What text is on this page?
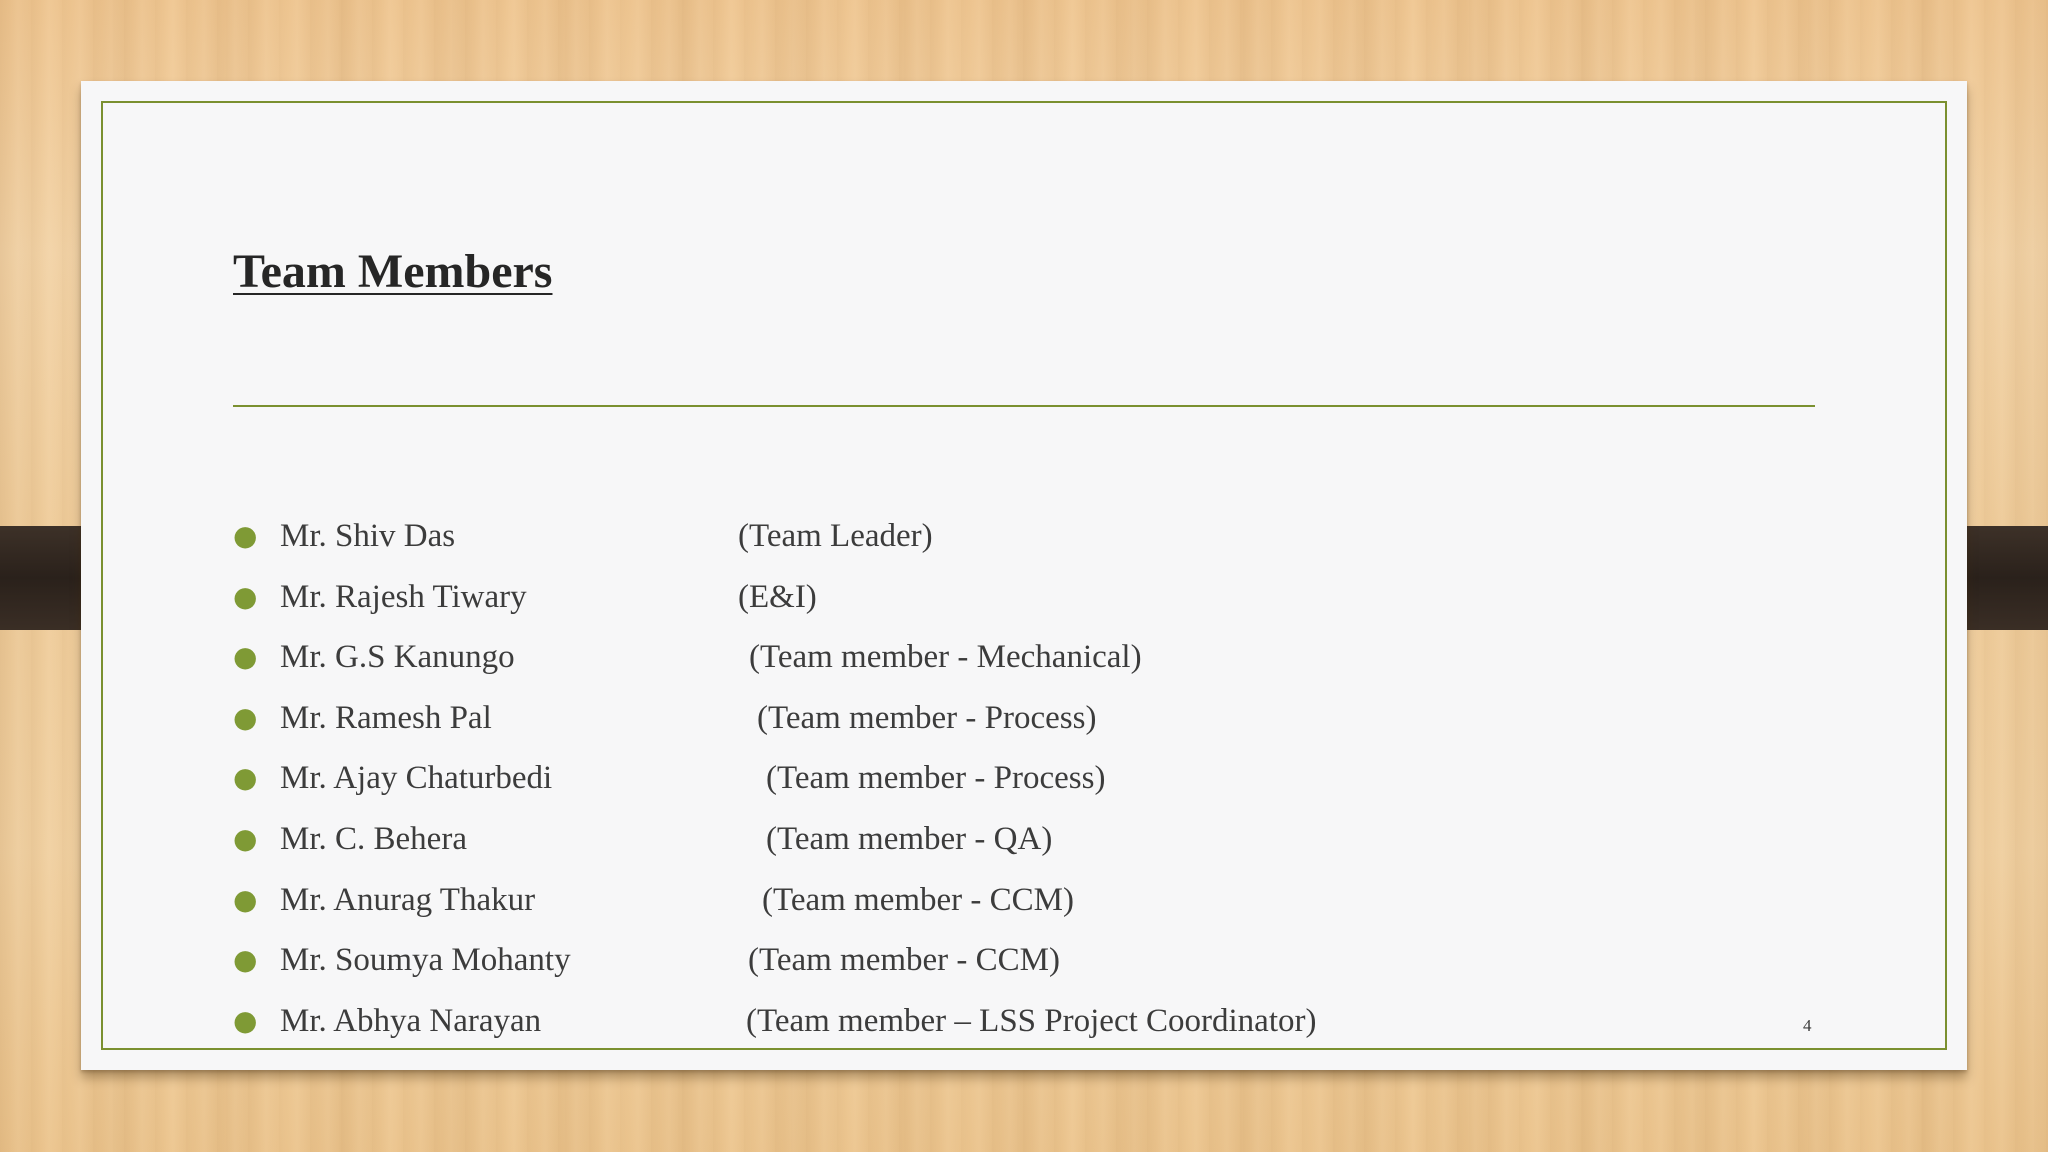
Team Members
● Mr. Shiv Das	(Team Leader)
● Mr. Rajesh Tiwary	(E&I)
● Mr. G.S Kanungo	(Team member - Mechanical)
● Mr. Ramesh Pal	(Team member - Process)
● Mr. Ajay Chaturbedi	(Team member - Process)
● Mr. C. Behera	(Team member - QA)
● Mr. Anurag Thakur	(Team member - CCM)
● Mr. Soumya Mohanty	(Team member - CCM)
● Mr. Abhya Narayan	(Team member – LSS Project Coordinator)	4
